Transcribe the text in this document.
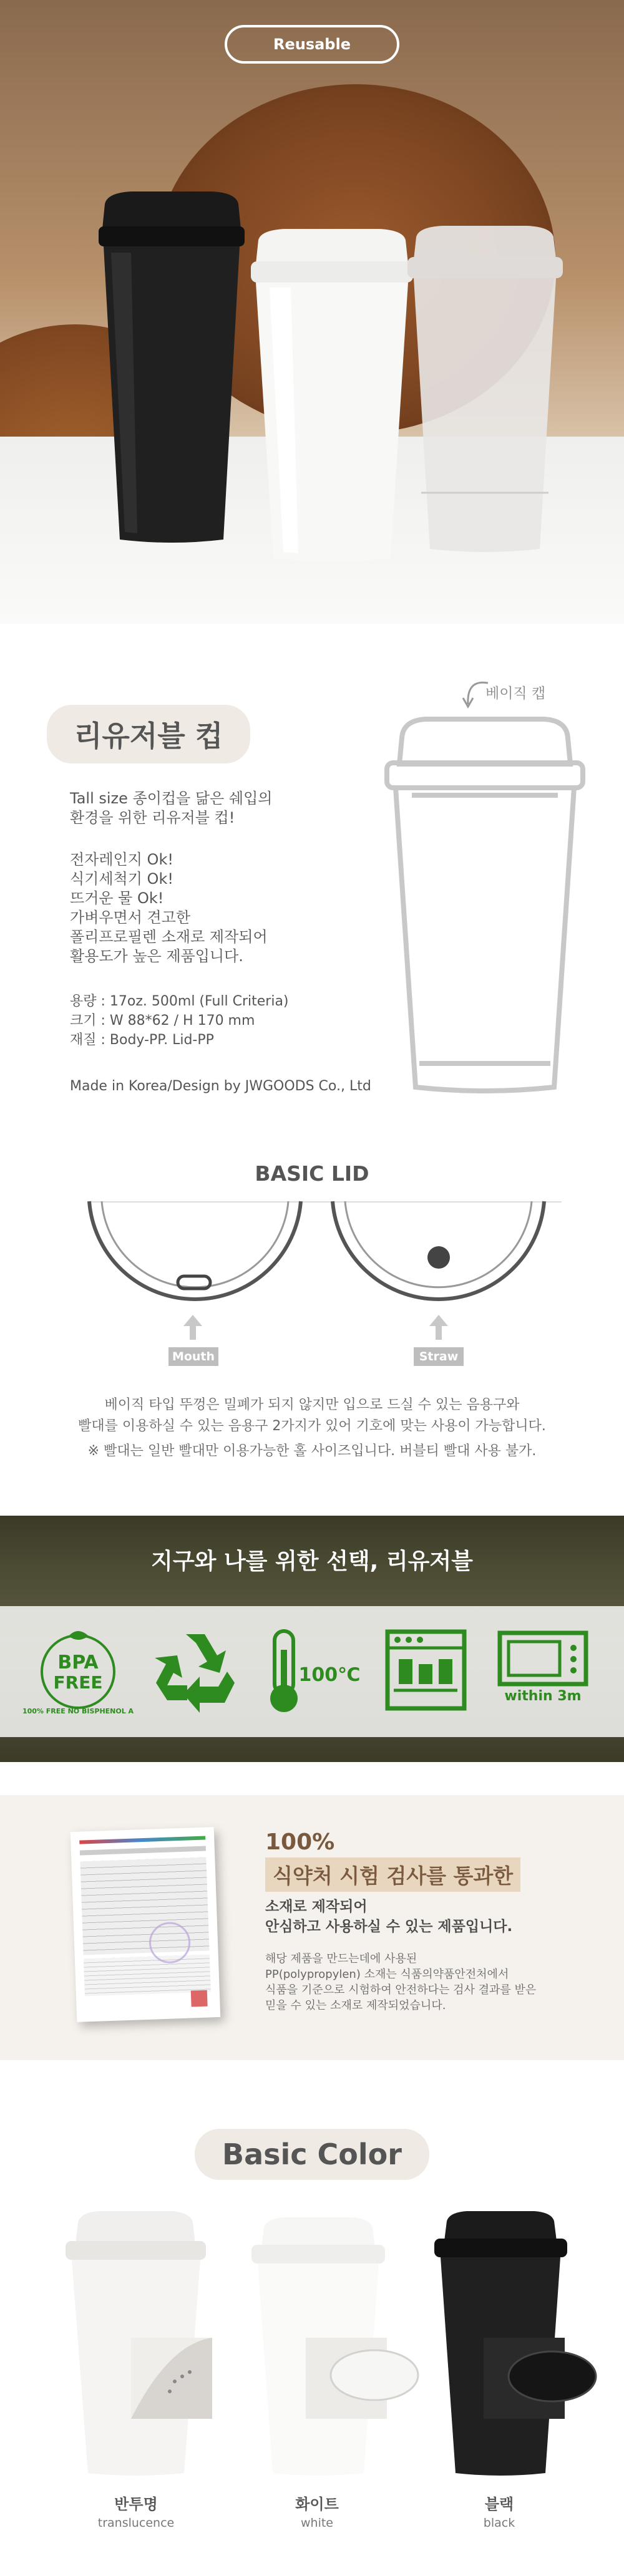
Reusable
리유저블 컵
Tall size 종이컵을 닮은 쉐입의
환경을 위한 리유저블 컵!
전자레인지 Ok!
식기세척기 Ok!
뜨거운 물 Ok!
가벼우면서 견고한
폴리프로필렌 소재로 제작되어
활용도가 높은 제품입니다.
용량 : 17oz. 500ml (Full Criteria)
크기 : W 88*62 / H 170 mm
재질 : Body-PP. Lid-PP
Made in Korea/Design by JWGOODS Co., Ltd
베이직 캡
BASIC LID
Mouth	Straw
베이직 타입 뚜껑은 밀폐가 되지 않지만 입으로 드실 수 있는 음용구와
빨대를 이용하실 수 있는 음용구 2가지가 있어 기호에 맞는 사용이 가능합니다.
※ 빨대는 일반 빨대만 이용가능한 홀 사이즈입니다. 버블티 빨대 사용 불가.
지구와 나를 위한 선택, 리유저블
BPA
FREE
100% FREE NO BISPHENOL A
100℃
within 3m
100%
식약처 시험 검사를 통과한
소재로 제작되어
안심하고 사용하실 수 있는 제품입니다.
해당 제품을 만드는데에 사용된
PP(polypropylen) 소재는 식품의약품안전처에서
식품을 기준으로 시험하여 안전하다는 검사 결과를 받은
믿을 수 있는 소재로 제작되었습니다.
Basic Color
반투명
translucence
화이트
white
블랙
black
